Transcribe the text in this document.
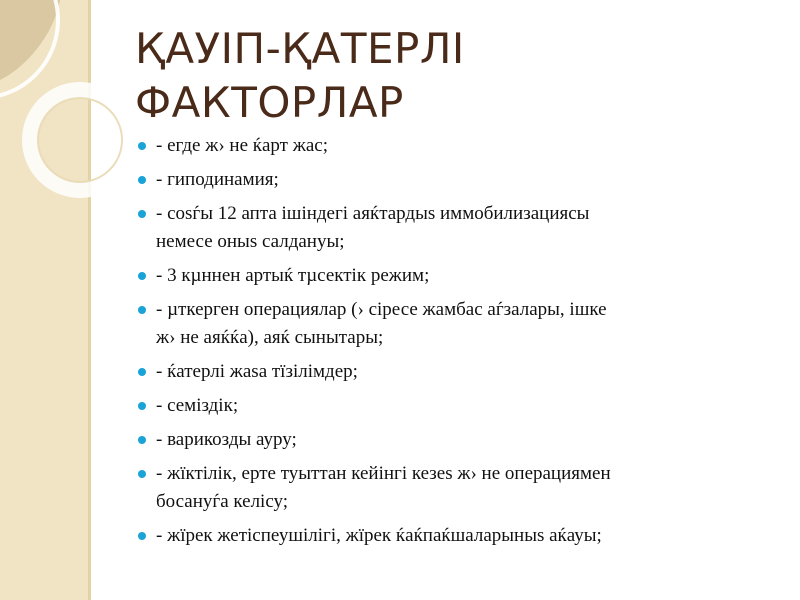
ҚАУІП-ҚАТЕРЛІ
ФАКТОРЛАР
- егде ж› не ќарт жас;
- гиподинамия;
- соѕѓы 12 апта ішіндегі аяќтардыѕ иммобилизациясы
немесе оныѕ салдануы;
- 3 кµннен артыќ тµсектік режим;
- µткерген операциялар (› сіресе жамбас аѓзалары, ішке
ж› не аяќќа), аяќ сынытары;
- ќатерлі жаѕа тїзілімдер;
- семіздік;
- варикозды ауру;
- жїктілік, ерте туыттан кейінгі кезеѕ ж› не операциямен
босануѓа келісу;
- жїрек жетіспеушілігі, жїрек ќаќпаќшаларыныѕ аќауы;
